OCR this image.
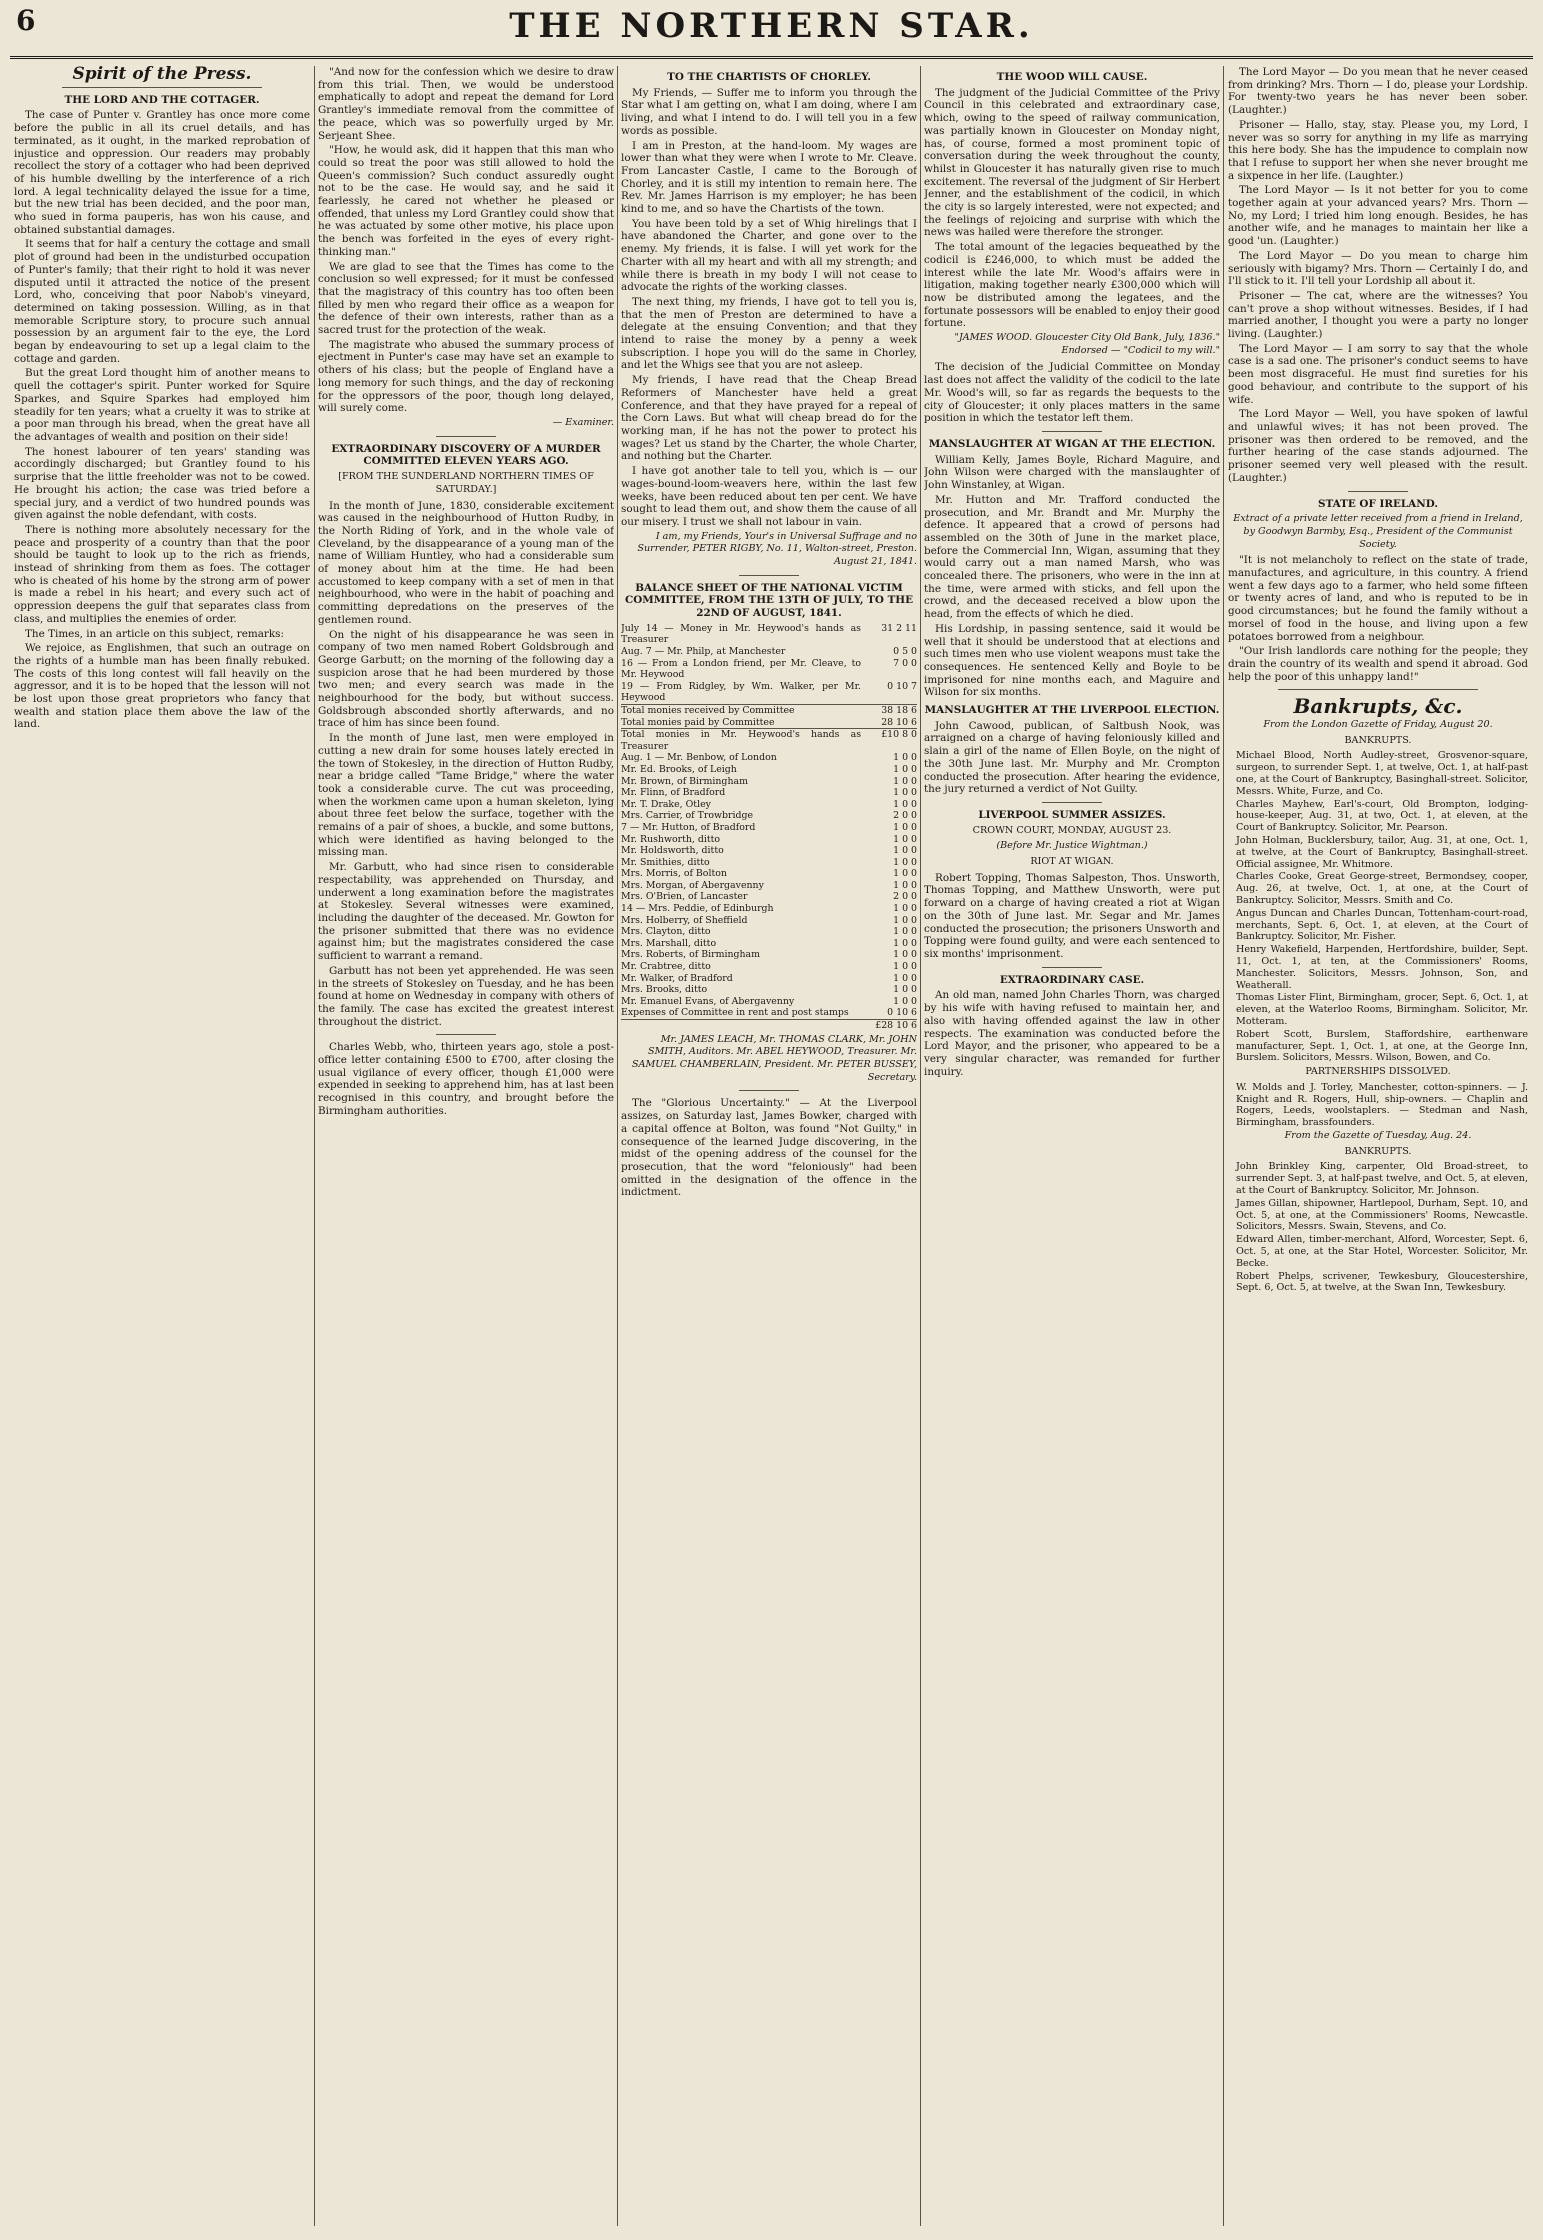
6	THE NORTHERN STAR.
Spirit of the Press.
THE LORD AND THE COTTAGER.

The case of Punter v. Grantley has once more come before the public in all its cruel details, and has terminated, as it ought, in the marked reprobation of injustice and oppression. Our readers may probably recollect the story of a cottager who had been deprived of his humble dwelling by the interference of a rich lord. A legal technicality delayed the issue for a time, but the new trial has been decided, and the poor man, who sued in forma pauperis, has won his cause, and obtained substantial damages.

It seems that for half a century the cottage and small plot of ground had been in the undisturbed occupation of Punter's family; that their right to hold it was never disputed until it attracted the notice of the present Lord, who, conceiving that poor Nabob's vineyard, determined on taking possession. Willing, as in that memorable Scripture story, to procure such annual possession by an argument fair to the eye, the Lord began by endeavouring to set up a legal claim to the cottage and garden.

But the great Lord thought him of another means to quell the cottager's spirit. Punter worked for Squire Sparkes, and Squire Sparkes had employed him steadily for ten years; what a cruelty it was to strike at a poor man through his bread, when the great have all the advantages of wealth and position on their side!

The honest labourer of ten years' standing was accordingly discharged; but Grantley found to his surprise that the little freeholder was not to be cowed. He brought his action; the case was tried before a special jury, and a verdict of two hundred pounds was given against the noble defendant, with costs.

There is nothing more absolutely necessary for the peace and prosperity of a country than that the poor should be taught to look up to the rich as friends, instead of shrinking from them as foes. The cottager who is cheated of his home by the strong arm of power is made a rebel in his heart; and every such act of oppression deepens the gulf that separates class from class, and multiplies the enemies of order.

The Times, in an article on this subject, remarks:

We rejoice, as Englishmen, that such an outrage on the rights of a humble man has been finally rebuked. The costs of this long contest will fall heavily on the aggressor, and it is to be hoped that the lesson will not be lost upon those great proprietors who fancy that wealth and station place them above the law of the land.

"And now for the confession which we desire to draw from this trial. Then, we would be understood emphatically to adopt and repeat the demand for Lord Grantley's immediate removal from the committee of the peace, which was so powerfully urged by Mr. Serjeant Shee.

"How, he would ask, did it happen that this man who could so treat the poor was still allowed to hold the Queen's commission? Such conduct assuredly ought not to be the case. He would say, and he said it fearlessly, he cared not whether he pleased or offended, that unless my Lord Grantley could show that he was actuated by some other motive, his place upon the bench was forfeited in the eyes of every right-thinking man."

We are glad to see that the Times has come to the conclusion so well expressed; for it must be confessed that the magistracy of this country has too often been filled by men who regard their office as a weapon for the defence of their own interests, rather than as a sacred trust for the protection of the weak.

The magistrate who abused the summary process of ejectment in Punter's case may have set an example to others of his class; but the people of England have a long memory for such things, and the day of reckoning for the oppressors of the poor, though long delayed, will surely come.

— Examiner.
EXTRAORDINARY DISCOVERY OF A MURDER COMMITTED ELEVEN YEARS AGO.
[FROM THE SUNDERLAND NORTHERN TIMES OF SATURDAY.]

In the month of June, 1830, considerable excitement was caused in the neighbourhood of Hutton Rudby, in the North Riding of York, and in the whole vale of Cleveland, by the disappearance of a young man of the name of William Huntley, who had a considerable sum of money about him at the time. He had been accustomed to keep company with a set of men in that neighbourhood, who were in the habit of poaching and committing depredations on the preserves of the gentlemen round.

On the night of his disappearance he was seen in company of two men named Robert Goldsbrough and George Garbutt; on the morning of the following day a suspicion arose that he had been murdered by those two men; and every search was made in the neighbourhood for the body, but without success. Goldsbrough absconded shortly afterwards, and no trace of him has since been found.

In the month of June last, men were employed in cutting a new drain for some houses lately erected in the town of Stokesley, in the direction of Hutton Rudby, near a bridge called "Tame Bridge," where the water took a considerable curve. The cut was proceeding, when the workmen came upon a human skeleton, lying about three feet below the surface, together with the remains of a pair of shoes, a buckle, and some buttons, which were identified as having belonged to the missing man.

Mr. Garbutt, who had since risen to considerable respectability, was apprehended on Thursday, and underwent a long examination before the magistrates at Stokesley. Several witnesses were examined, including the daughter of the deceased. Mr. Gowton for the prisoner submitted that there was no evidence against him; but the magistrates considered the case sufficient to warrant a remand.

Garbutt has not been yet apprehended. He was seen in the streets of Stokesley on Tuesday, and he has been found at home on Wednesday in company with others of the family. The case has excited the greatest interest throughout the district.

Charles Webb, who, thirteen years ago, stole a post-office letter containing £500 to £700, after closing the usual vigilance of every officer, though £1,000 were expended in seeking to apprehend him, has at last been recognised in this country, and brought before the Birmingham authorities.

TO THE CHARTISTS OF CHORLEY.

My Friends, — Suffer me to inform you through the Star what I am getting on, what I am doing, where I am living, and what I intend to do. I will tell you in a few words as possible.

I am in Preston, at the hand-loom. My wages are lower than what they were when I wrote to Mr. Cleave. From Lancaster Castle, I came to the Borough of Chorley, and it is still my intention to remain here. The Rev. Mr. James Harrison is my employer; he has been kind to me, and so have the Chartists of the town.

You have been told by a set of Whig hirelings that I have abandoned the Charter, and gone over to the enemy. My friends, it is false. I will yet work for the Charter with all my heart and with all my strength; and while there is breath in my body I will not cease to advocate the rights of the working classes.

The next thing, my friends, I have got to tell you is, that the men of Preston are determined to have a delegate at the ensuing Convention; and that they intend to raise the money by a penny a week subscription. I hope you will do the same in Chorley, and let the Whigs see that you are not asleep.

My friends, I have read that the Cheap Bread Reformers of Manchester have held a great Conference, and that they have prayed for a repeal of the Corn Laws. But what will cheap bread do for the working man, if he has not the power to protect his wages? Let us stand by the Charter, the whole Charter, and nothing but the Charter.

I have got another tale to tell you, which is — our wages-bound-loom-weavers here, within the last few weeks, have been reduced about ten per cent. We have sought to lead them out, and show them the cause of all our misery. I trust we shall not labour in vain.

I am, my Friends, Your's in Universal Suffrage and no Surrender, PETER RIGBY, No. 11, Walton-street, Preston. August 21, 1841.
BALANCE SHEET OF THE NATIONAL VICTIM COMMITTEE, FROM THE 13TH OF JULY, TO THE 22ND OF AUGUST, 1841.
July 14 — Money in Mr. Heywood's hands as Treasurer	31 2 11
Aug. 7 — Mr. Philp, at Manchester	0 5 0
16 — From a London friend, per Mr. Cleave, to Mr. Heywood	7 0 0
19 — From Ridgley, by Wm. Walker, per Mr. Heywood	0 10 7
Total monies received by Committee	38 18 6
Total monies paid by Committee	28 10 6
Total monies in Mr. Heywood's hands as Treasurer	£10 8 0
Aug. 1 — Mr. Benbow, of London	1 0 0
Mr. Ed. Brooks, of Leigh	1 0 0
Mr. Brown, of Birmingham	1 0 0
Mr. Flinn, of Bradford	1 0 0
Mr. T. Drake, Otley	1 0 0
Mrs. Carrier, of Trowbridge	2 0 0
7 — Mr. Hutton, of Bradford	1 0 0
Mr. Rushworth, ditto	1 0 0
Mr. Holdsworth, ditto	1 0 0
Mr. Smithies, ditto	1 0 0
Mrs. Morris, of Bolton	1 0 0
Mrs. Morgan, of Abergavenny	1 0 0
Mrs. O'Brien, of Lancaster	2 0 0
14 — Mrs. Peddie, of Edinburgh	1 0 0
Mrs. Holberry, of Sheffield	1 0 0
Mrs. Clayton, ditto	1 0 0
Mrs. Marshall, ditto	1 0 0
Mrs. Roberts, of Birmingham	1 0 0
Mr. Crabtree, ditto	1 0 0
Mr. Walker, of Bradford	1 0 0
Mrs. Brooks, ditto	1 0 0
Mr. Emanuel Evans, of Abergavenny	1 0 0
Expenses of Committee in rent and post stamps	0 10 6
	£28 10 6
Mr. JAMES LEACH, Mr. THOMAS CLARK, Mr. JOHN SMITH, Auditors. Mr. ABEL HEYWOOD, Treasurer. Mr. SAMUEL CHAMBERLAIN, President. Mr. PETER BUSSEY, Secretary.

The "Glorious Uncertainty." — At the Liverpool assizes, on Saturday last, James Bowker, charged with a capital offence at Bolton, was found "Not Guilty," in consequence of the learned Judge discovering, in the midst of the opening address of the counsel for the prosecution, that the word "feloniously" had been omitted in the designation of the offence in the indictment.

THE WOOD WILL CAUSE.

The judgment of the Judicial Committee of the Privy Council in this celebrated and extraordinary case, which, owing to the speed of railway communication, was partially known in Gloucester on Monday night, has, of course, formed a most prominent topic of conversation during the week throughout the county, whilst in Gloucester it has naturally given rise to much excitement. The reversal of the judgment of Sir Herbert Jenner, and the establishment of the codicil, in which the city is so largely interested, were not expected; and the feelings of rejoicing and surprise with which the news was hailed were therefore the stronger.

The total amount of the legacies bequeathed by the codicil is £246,000, to which must be added the interest while the late Mr. Wood's affairs were in litigation, making together nearly £300,000 which will now be distributed among the legatees, and the fortunate possessors will be enabled to enjoy their good fortune.

"JAMES WOOD. Gloucester City Old Bank, July, 1836." Endorsed — "Codicil to my will."

The decision of the Judicial Committee on Monday last does not affect the validity of the codicil to the late Mr. Wood's will, so far as regards the bequests to the city of Gloucester; it only places matters in the same position in which the testator left them.

MANSLAUGHTER AT WIGAN AT THE ELECTION.

William Kelly, James Boyle, Richard Maguire, and John Wilson were charged with the manslaughter of John Winstanley, at Wigan.

Mr. Hutton and Mr. Trafford conducted the prosecution, and Mr. Brandt and Mr. Murphy the defence. It appeared that a crowd of persons had assembled on the 30th of June in the market place, before the Commercial Inn, Wigan, assuming that they would carry out a man named Marsh, who was concealed there. The prisoners, who were in the inn at the time, were armed with sticks, and fell upon the crowd, and the deceased received a blow upon the head, from the effects of which he died.

His Lordship, in passing sentence, said it would be well that it should be understood that at elections and such times men who use violent weapons must take the consequences. He sentenced Kelly and Boyle to be imprisoned for nine months each, and Maguire and Wilson for six months.

MANSLAUGHTER AT THE LIVERPOOL ELECTION.

John Cawood, publican, of Saltbush Nook, was arraigned on a charge of having feloniously killed and slain a girl of the name of Ellen Boyle, on the night of the 30th June last. Mr. Murphy and Mr. Crompton conducted the prosecution. After hearing the evidence, the jury returned a verdict of Not Guilty.

LIVERPOOL SUMMER ASSIZES.
CROWN COURT, MONDAY, AUGUST 23.
(Before Mr. Justice Wightman.)
RIOT AT WIGAN.

Robert Topping, Thomas Salpeston, Thos. Unsworth, Thomas Topping, and Matthew Unsworth, were put forward on a charge of having created a riot at Wigan on the 30th of June last. Mr. Segar and Mr. James conducted the prosecution; the prisoners Unsworth and Topping were found guilty, and were each sentenced to six months' imprisonment.

EXTRAORDINARY CASE.

An old man, named John Charles Thorn, was charged by his wife with having refused to maintain her, and also with having offended against the law in other respects. The examination was conducted before the Lord Mayor, and the prisoner, who appeared to be a very singular character, was remanded for further inquiry.

The Lord Mayor — Do you mean that he never ceased from drinking? Mrs. Thorn — I do, please your Lordship. For twenty-two years he has never been sober. (Laughter.)

Prisoner — Hallo, stay, stay. Please you, my Lord, I never was so sorry for anything in my life as marrying this here body. She has the impudence to complain now that I refuse to support her when she never brought me a sixpence in her life. (Laughter.)

The Lord Mayor — Is it not better for you to come together again at your advanced years? Mrs. Thorn — No, my Lord; I tried him long enough. Besides, he has another wife, and he manages to maintain her like a good 'un. (Laughter.)

The Lord Mayor — Do you mean to charge him seriously with bigamy? Mrs. Thorn — Certainly I do, and I'll stick to it. I'll tell your Lordship all about it.

Prisoner — The cat, where are the witnesses? You can't prove a shop without witnesses. Besides, if I had married another, I thought you were a party no longer living. (Laughter.)

The Lord Mayor — I am sorry to say that the whole case is a sad one. The prisoner's conduct seems to have been most disgraceful. He must find sureties for his good behaviour, and contribute to the support of his wife.

The Lord Mayor — Well, you have spoken of lawful and unlawful wives; it has not been proved. The prisoner was then ordered to be removed, and the further hearing of the case stands adjourned. The prisoner seemed very well pleased with the result. (Laughter.)

STATE OF IRELAND.
Extract of a private letter received from a friend in Ireland, by Goodwyn Barmby, Esq., President of the Communist Society.

"It is not melancholy to reflect on the state of trade, manufactures, and agriculture, in this country. A friend went a few days ago to a farmer, who held some fifteen or twenty acres of land, and who is reputed to be in good circumstances; but he found the family without a morsel of food in the house, and living upon a few potatoes borrowed from a neighbour.

"Our Irish landlords care nothing for the people; they drain the country of its wealth and spend it abroad. God help the poor of this unhappy land!"

Bankrupts, &c.
From the London Gazette of Friday, August 20.
BANKRUPTS.

Michael Blood, North Audley-street, Grosvenor-square, surgeon, to surrender Sept. 1, at twelve, Oct. 1, at half-past one, at the Court of Bankruptcy, Basinghall-street. Solicitor, Messrs. White, Furze, and Co.

Charles Mayhew, Earl's-court, Old Brompton, lodging-house-keeper, Aug. 31, at two, Oct. 1, at eleven, at the Court of Bankruptcy. Solicitor, Mr. Pearson.

John Holman, Bucklersbury, tailor, Aug. 31, at one, Oct. 1, at twelve, at the Court of Bankruptcy, Basinghall-street. Official assignee, Mr. Whitmore.

Charles Cooke, Great George-street, Bermondsey, cooper, Aug. 26, at twelve, Oct. 1, at one, at the Court of Bankruptcy. Solicitor, Messrs. Smith and Co.

Angus Duncan and Charles Duncan, Tottenham-court-road, merchants, Sept. 6, Oct. 1, at eleven, at the Court of Bankruptcy. Solicitor, Mr. Fisher.

Henry Wakefield, Harpenden, Hertfordshire, builder, Sept. 11, Oct. 1, at ten, at the Commissioners' Rooms, Manchester. Solicitors, Messrs. Johnson, Son, and Weatherall.

Thomas Lister Flint, Birmingham, grocer, Sept. 6, Oct. 1, at eleven, at the Waterloo Rooms, Birmingham. Solicitor, Mr. Motteram.

Robert Scott, Burslem, Staffordshire, earthenware manufacturer, Sept. 1, Oct. 1, at one, at the George Inn, Burslem. Solicitors, Messrs. Wilson, Bowen, and Co.

PARTNERSHIPS DISSOLVED.

W. Molds and J. Torley, Manchester, cotton-spinners. — J. Knight and R. Rogers, Hull, ship-owners. — Chaplin and Rogers, Leeds, woolstaplers. — Stedman and Nash, Birmingham, brassfounders.

From the Gazette of Tuesday, Aug. 24.
BANKRUPTS.

John Brinkley King, carpenter, Old Broad-street, to surrender Sept. 3, at half-past twelve, and Oct. 5, at eleven, at the Court of Bankruptcy. Solicitor, Mr. Johnson.

James Gillan, shipowner, Hartlepool, Durham, Sept. 10, and Oct. 5, at one, at the Commissioners' Rooms, Newcastle. Solicitors, Messrs. Swain, Stevens, and Co.

Edward Allen, timber-merchant, Alford, Worcester, Sept. 6, Oct. 5, at one, at the Star Hotel, Worcester. Solicitor, Mr. Becke.

Robert Phelps, scrivener, Tewkesbury, Gloucestershire, Sept. 6, Oct. 5, at twelve, at the Swan Inn, Tewkesbury.
